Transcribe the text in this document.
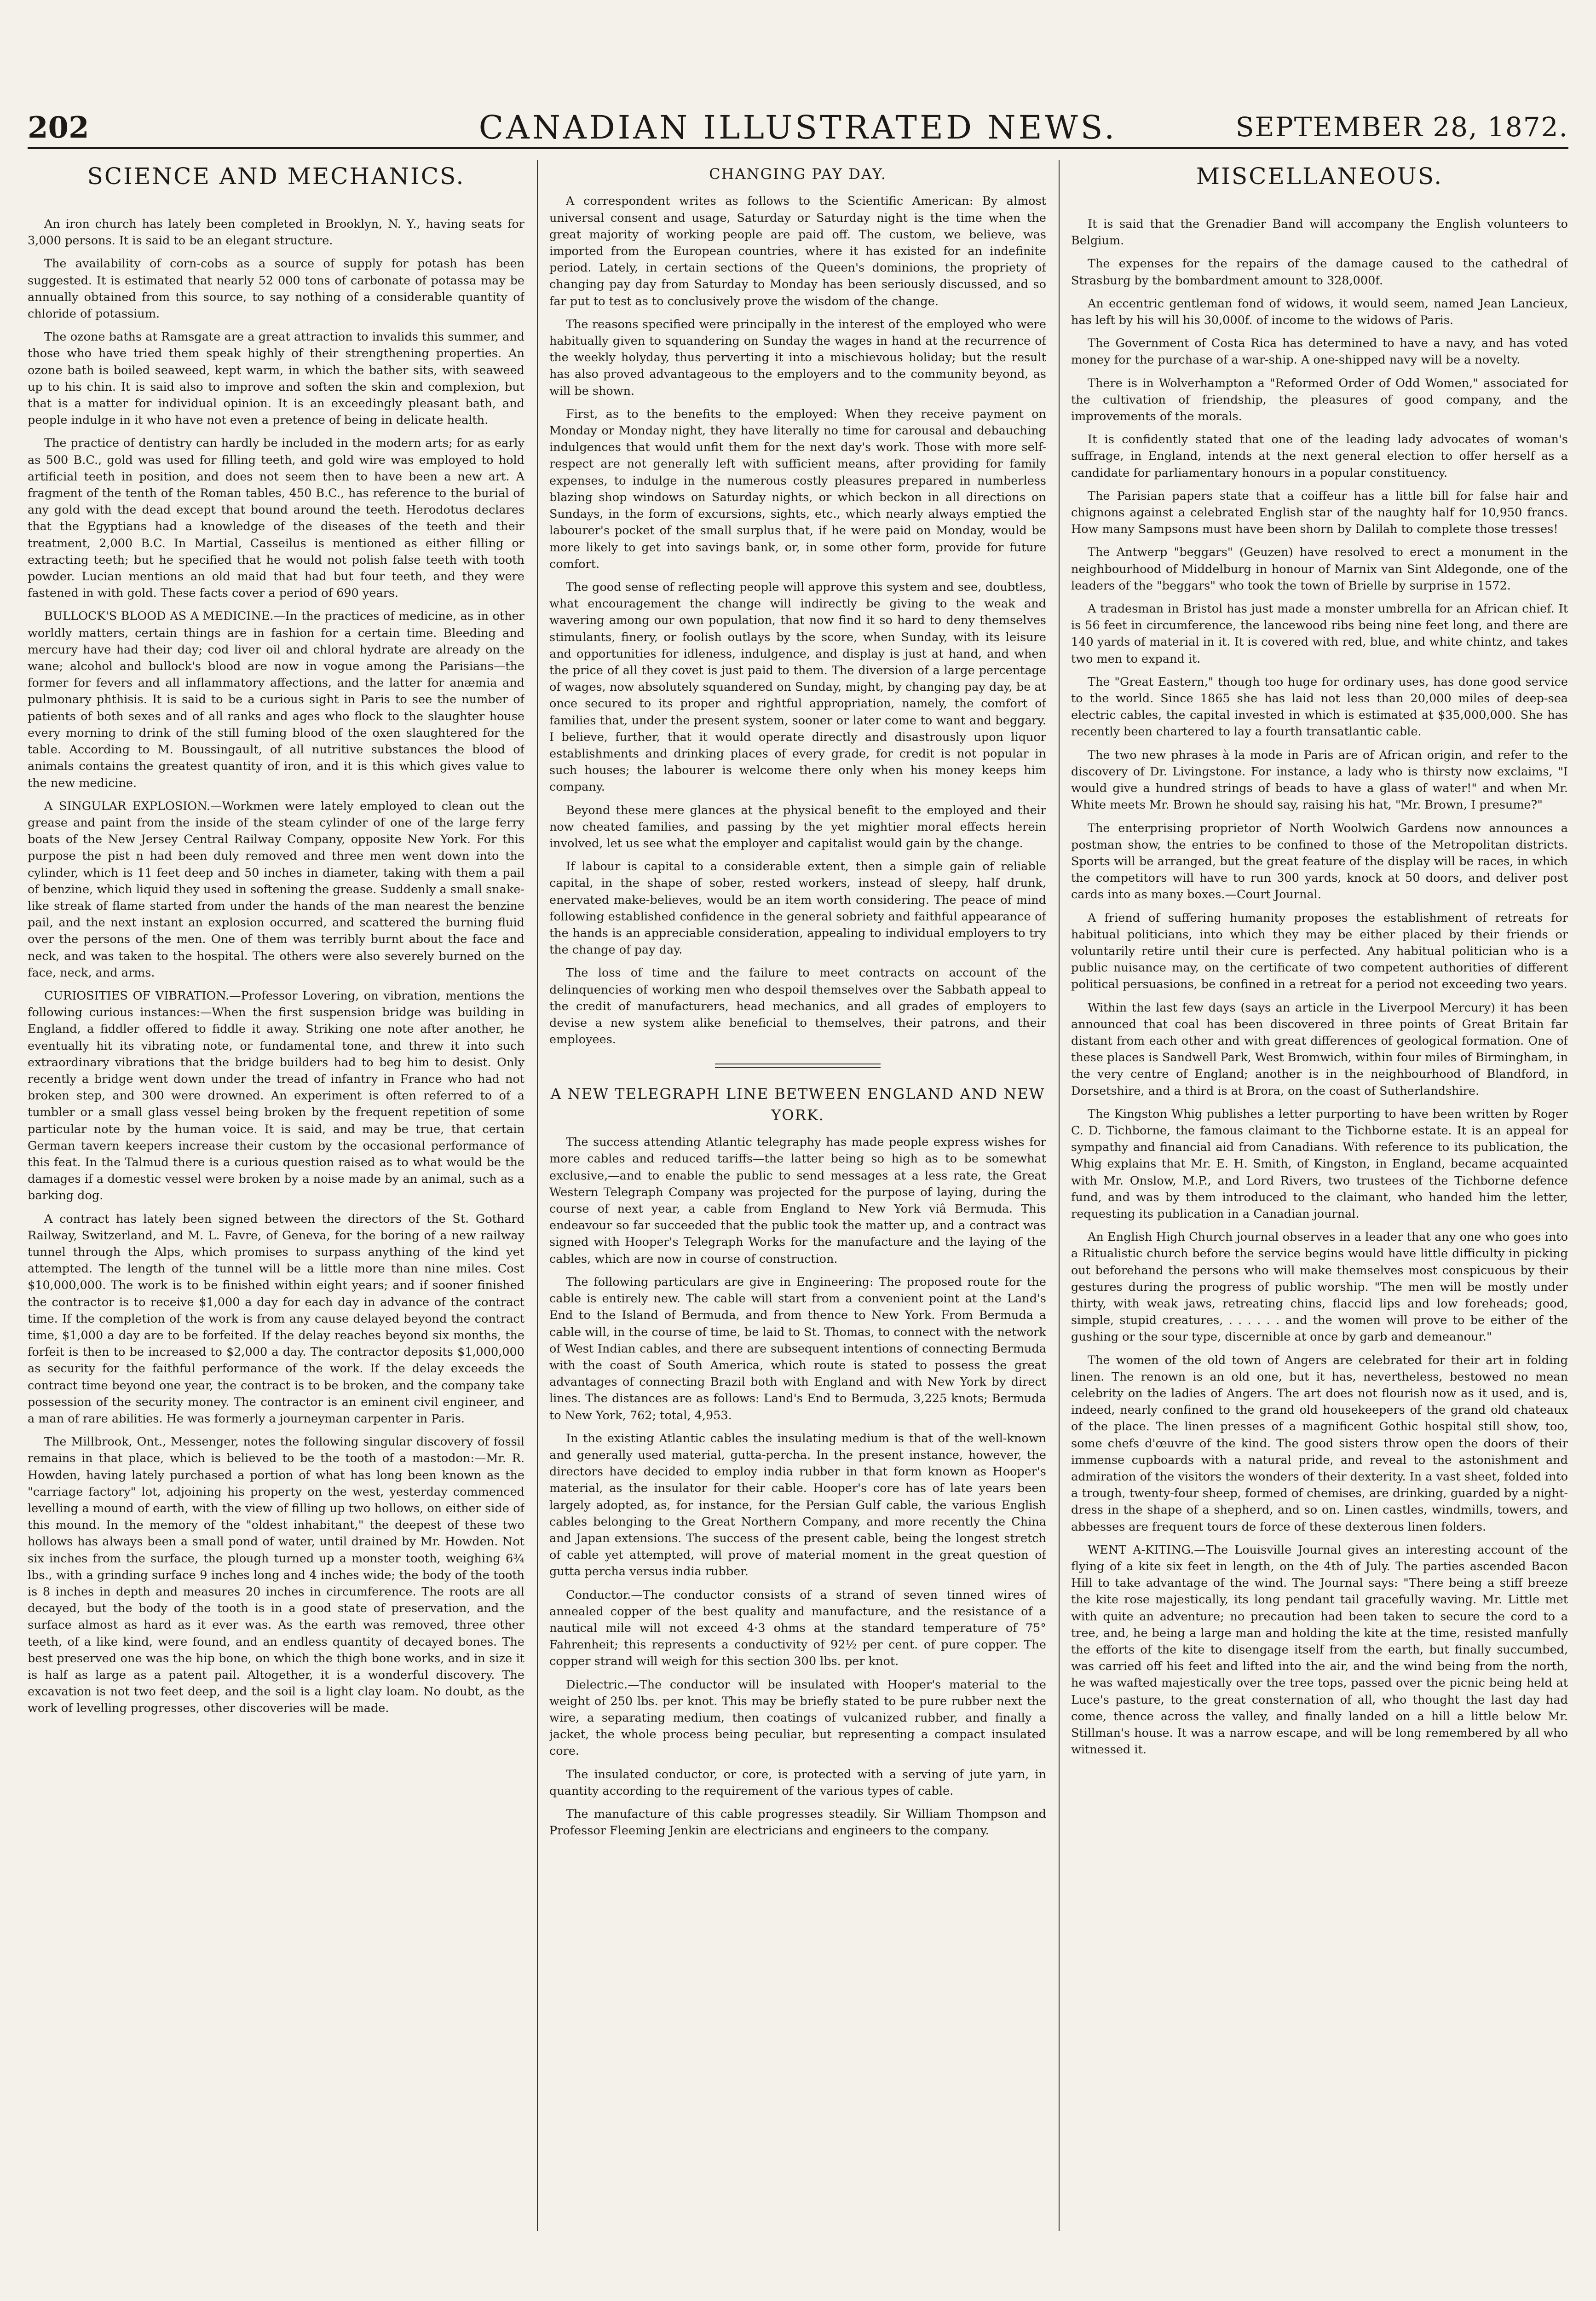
202	CANADIAN ILLUSTRATED NEWS.	SEPTEMBER 28, 1872.
SCIENCE AND MECHANICS.

An iron church has lately been completed in Brooklyn, N. Y., having seats for 3,000 persons. It is said to be an elegant structure.

The availability of corn-cobs as a source of supply for potash has been suggested. It is estimated that nearly 52 000 tons of carbonate of potassa may be annually obtained from this source, to say nothing of a considerable quantity of chloride of potassium.

The ozone baths at Ramsgate are a great attraction to invalids this summer, and those who have tried them speak highly of their strengthening properties. An ozone bath is boiled seaweed, kept warm, in which the bather sits, with seaweed up to his chin. It is said also to improve and soften the skin and complexion, but that is a matter for individual opinion. It is an exceedingly pleasant bath, and people indulge in it who have not even a pretence of being in delicate health.

The practice of dentistry can hardly be included in the modern arts; for as early as 500 B.C., gold was used for filling teeth, and gold wire was employed to hold artificial teeth in position, and does not seem then to have been a new art. A fragment of the tenth of the Roman tables, 450 B.C., has reference to the burial of any gold with the dead except that bound around the teeth. Herodotus declares that the Egyptians had a knowledge of the diseases of the teeth and their treatment, 2,000 B.C. In Martial, Casseilus is mentioned as either filling or extracting teeth; but he specified that he would not polish false teeth with tooth powder. Lucian mentions an old maid that had but four teeth, and they were fastened in with gold. These facts cover a period of 690 years.

BULLOCK'S BLOOD AS A MEDICINE.—In the practices of medicine, as in other worldly matters, certain things are in fashion for a certain time. Bleeding and mercury have had their day; cod liver oil and chloral hydrate are already on the wane; alcohol and bullock's blood are now in vogue among the Parisians—the former for fevers and all inflammatory affections, and the latter for anæmia and pulmonary phthisis. It is said to be a curious sight in Paris to see the number of patients of both sexes and of all ranks and ages who flock to the slaughter house every morning to drink of the still fuming blood of the oxen slaughtered for the table. According to M. Boussingault, of all nutritive substances the blood of animals contains the greatest quantity of iron, and it is this which gives value to the new medicine.

A SINGULAR EXPLOSION.—Workmen were lately employed to clean out the grease and paint from the inside of the steam cylinder of one of the large ferry boats of the New Jersey Central Railway Company, opposite New York. For this purpose the pist n had been duly removed and three men went down into the cylinder, which is 11 feet deep and 50 inches in diameter, taking with them a pail of benzine, which liquid they used in softening the grease. Suddenly a small snake-like streak of flame started from under the hands of the man nearest the benzine pail, and the next instant an explosion occurred, and scattered the burning fluid over the persons of the men. One of them was terribly burnt about the face and neck, and was taken to the hospital. The others were also severely burned on the face, neck, and arms.

CURIOSITIES OF VIBRATION.—Professor Lovering, on vibration, mentions the following curious instances:—When the first suspension bridge was building in England, a fiddler offered to fiddle it away. Striking one note after another, he eventually hit its vibrating note, or fundamental tone, and threw it into such extraordinary vibrations that the bridge builders had to beg him to desist. Only recently a bridge went down under the tread of infantry in France who had not broken step, and 300 were drowned. An experiment is often referred to of a tumbler or a small glass vessel being broken by the frequent repetition of some particular note by the human voice. It is said, and may be true, that certain German tavern keepers increase their custom by the occasional performance of this feat. In the Talmud there is a curious question raised as to what would be the damages if a domestic vessel were broken by a noise made by an animal, such as a barking dog.

A contract has lately been signed between the directors of the St. Gothard Railway, Switzerland, and M. L. Favre, of Geneva, for the boring of a new railway tunnel through the Alps, which promises to surpass anything of the kind yet attempted. The length of the tunnel will be a little more than nine miles. Cost $10,000,000. The work is to be finished within eight years; and if sooner finished the contractor is to receive $1,000 a day for each day in advance of the contract time. If the completion of the work is from any cause delayed beyond the contract time, $1,000 a day are to be forfeited. If the delay reaches beyond six months, the forfeit is then to be increased to $2,000 a day. The contractor deposits $1,000,000 as security for the faithful performance of the work. If the delay exceeds the contract time beyond one year, the contract is to be broken, and the company take possession of the security money. The contractor is an eminent civil engineer, and a man of rare abilities. He was formerly a journeyman carpenter in Paris.

The Millbrook, Ont., Messenger, notes the following singular discovery of fossil remains in that place, which is believed to be the tooth of a mastodon:—Mr. R. Howden, having lately purchased a portion of what has long been known as the "carriage factory" lot, adjoining his property on the west, yesterday commenced levelling a mound of earth, with the view of filling up two hollows, on either side of this mound. In the memory of the "oldest inhabitant," the deepest of these two hollows has always been a small pond of water, until drained by Mr. Howden. Not six inches from the surface, the plough turned up a monster tooth, weighing 6¾ lbs., with a grinding surface 9 inches long and 4 inches wide; the body of the tooth is 8 inches in depth and measures 20 inches in circumference. The roots are all decayed, but the body of the tooth is in a good state of preservation, and the surface almost as hard as it ever was. As the earth was removed, three other teeth, of a like kind, were found, and an endless quantity of decayed bones. The best preserved one was the hip bone, on which the thigh bone works, and in size it is half as large as a patent pail. Altogether, it is a wonderful discovery. The excavation is not two feet deep, and the soil is a light clay loam. No doubt, as the work of levelling progresses, other discoveries will be made.

CHANGING PAY DAY.

A correspondent writes as follows to the Scientific American: By almost universal consent and usage, Saturday or Saturday night is the time when the great majority of working people are paid off. The custom, we believe, was imported from the European countries, where it has existed for an indefinite period. Lately, in certain sections of the Queen's dominions, the propriety of changing pay day from Saturday to Monday has been seriously discussed, and so far put to test as to conclusively prove the wisdom of the change.

The reasons specified were principally in the interest of the employed who were habitually given to squandering on Sunday the wages in hand at the recurrence of the weekly holyday, thus perverting it into a mischievous holiday; but the result has also proved advantageous to the employers and to the community beyond, as will be shown.

First, as to the benefits to the employed: When they receive payment on Monday or Monday night, they have literally no time for carousal and debauching indulgences that would unfit them for the next day's work. Those with more self-respect are not generally left with sufficient means, after providing for family expenses, to indulge in the numerous costly pleasures prepared in numberless blazing shop windows on Saturday nights, or which beckon in all directions on Sundays, in the form of excursions, sights, etc., which nearly always emptied the labourer's pocket of the small surplus that, if he were paid on Monday, would be more likely to get into savings bank, or, in some other form, provide for future comfort.

The good sense of reflecting people will approve this system and see, doubtless, what encouragement the change will indirectly be giving to the weak and wavering among our own population, that now find it so hard to deny themselves stimulants, finery, or foolish outlays by the score, when Sunday, with its leisure and opportunities for idleness, indulgence, and display is just at hand, and when the price of all they covet is just paid to them. The diversion of a large percentage of wages, now absolutely squandered on Sunday, might, by changing pay day, be at once secured to its proper and rightful appropriation, namely, the comfort of families that, under the present system, sooner or later come to want and beggary. I believe, further, that it would operate directly and disastrously upon liquor establishments and drinking places of every grade, for credit is not popular in such houses; the labourer is welcome there only when his money keeps him company.

Beyond these mere glances at the physical benefit to the employed and their now cheated families, and passing by the yet mightier moral effects herein involved, let us see what the employer and capitalist would gain by the change.

If labour is capital to a considerable extent, then a simple gain of reliable capital, in the shape of sober, rested workers, instead of sleepy, half drunk, enervated make-believes, would be an item worth considering. The peace of mind following established confidence in the general sobriety and faithful appearance of the hands is an appreciable consideration, appealing to individual employers to try the change of pay day.

The loss of time and the failure to meet contracts on account of the delinquencies of working men who despoil themselves over the Sabbath appeal to the credit of manufacturers, head mechanics, and all grades of employers to devise a new system alike beneficial to themselves, their patrons, and their employees.

A NEW TELEGRAPH LINE BETWEEN ENGLAND AND NEW YORK.

The success attending Atlantic telegraphy has made people express wishes for more cables and reduced tariffs—the latter being so high as to be somewhat exclusive,—and to enable the public to send messages at a less rate, the Great Western Telegraph Company was projected for the purpose of laying, during the course of next year, a cable from England to New York viâ Bermuda. This endeavour so far succeeded that the public took the matter up, and a contract was signed with Hooper's Telegraph Works for the manufacture and the laying of the cables, which are now in course of construction.

The following particulars are give in Engineering: The proposed route for the cable is entirely new. The cable will start from a convenient point at the Land's End to the Island of Bermuda, and from thence to New York. From Bermuda a cable will, in the course of time, be laid to St. Thomas, to connect with the network of West Indian cables, and there are subsequent intentions of connecting Bermuda with the coast of South America, which route is stated to possess the great advantages of connecting Brazil both with England and with New York by direct lines. The distances are as follows: Land's End to Bermuda, 3,225 knots; Bermuda to New York, 762; total, 4,953.

In the existing Atlantic cables the insulating medium is that of the well-known and generally used material, gutta-percha. In the present instance, however, the directors have decided to employ india rubber in that form known as Hooper's material, as the insulator for their cable. Hooper's core has of late years been largely adopted, as, for instance, for the Persian Gulf cable, the various English cables belonging to the Great Northern Company, and more recently the China and Japan extensions. The success of the present cable, being the longest stretch of cable yet attempted, will prove of material moment in the great question of gutta percha versus india rubber.

Conductor.—The conductor consists of a strand of seven tinned wires of annealed copper of the best quality and manufacture, and the resistance of a nautical mile will not exceed 4·3 ohms at the standard temperature of 75° Fahrenheit; this represents a conductivity of 92½ per cent. of pure copper. The copper strand will weigh for this section 300 lbs. per knot.

Dielectric.—The conductor will be insulated with Hooper's material to the weight of 250 lbs. per knot. This may be briefly stated to be pure rubber next the wire, a separating medium, then coatings of vulcanized rubber, and finally a jacket, the whole process being peculiar, but representing a compact insulated core.

The insulated conductor, or core, is protected with a serving of jute yarn, in quantity according to the requirement of the various types of cable.

The manufacture of this cable progresses steadily. Sir William Thompson and Professor Fleeming Jenkin are electricians and engineers to the company.

MISCELLANEOUS.

It is said that the Grenadier Band will accompany the English volunteers to Belgium.

The expenses for the repairs of the damage caused to the cathedral of Strasburg by the bombardment amount to 328,000f.

An eccentric gentleman fond of widows, it would seem, named Jean Lancieux, has left by his will his 30,000f. of income to the widows of Paris.

The Government of Costa Rica has determined to have a navy, and has voted money for the purchase of a war-ship. A one-shipped navy will be a novelty.

There is in Wolverhampton a "Reformed Order of Odd Women," associated for the cultivation of friendship, the pleasures of good company, and the improvements of the morals.

It is confidently stated that one of the leading lady advocates of woman's suffrage, in England, intends at the next general election to offer herself as a candidate for parliamentary honours in a popular constituency.

The Parisian papers state that a coiffeur has a little bill for false hair and chignons against a celebrated English star of the naughty half for 10,950 francs. How many Sampsons must have been shorn by Dalilah to complete those tresses!

The Antwerp "beggars" (Geuzen) have resolved to erect a monument in the neighbourhood of Middelburg in honour of Marnix van Sint Aldegonde, one of the leaders of the "beggars" who took the town of Brielle by surprise in 1572.

A tradesman in Bristol has just made a monster umbrella for an African chief. It is 56 feet in circumference, the lancewood ribs being nine feet long, and there are 140 yards of material in it. It is covered with red, blue, and white chintz, and takes two men to expand it.

The "Great Eastern," though too huge for ordinary uses, has done good service to the world. Since 1865 she has laid not less than 20,000 miles of deep-sea electric cables, the capital invested in which is estimated at $35,000,000. She has recently been chartered to lay a fourth transatlantic cable.

The two new phrases à la mode in Paris are of African origin, and refer to the discovery of Dr. Livingstone. For instance, a lady who is thirsty now exclaims, "I would give a hundred strings of beads to have a glass of water!" and when Mr. White meets Mr. Brown he should say, raising his hat, "Mr. Brown, I presume?"

The enterprising proprietor of North Woolwich Gardens now announces a postman show, the entries to be confined to those of the Metropolitan districts. Sports will be arranged, but the great feature of the display will be races, in which the competitors will have to run 300 yards, knock at 50 doors, and deliver post cards into as many boxes.—Court Journal.

A friend of suffering humanity proposes the establishment of retreats for habitual politicians, into which they may be either placed by their friends or voluntarily retire until their cure is perfected. Any habitual politician who is a public nuisance may, on the certificate of two competent authorities of different political persuasions, be confined in a retreat for a period not exceeding two years.

Within the last few days (says an article in the Liverpool Mercury) it has been announced that coal has been discovered in three points of Great Britain far distant from each other and with great differences of geological formation. One of these places is Sandwell Park, West Bromwich, within four miles of Birmingham, in the very centre of England; another is in the neighbourhood of Blandford, in Dorsetshire, and a third is at Brora, on the coast of Sutherlandshire.

The Kingston Whig publishes a letter purporting to have been written by Roger C. D. Tichborne, the famous claimant to the Tichborne estate. It is an appeal for sympathy and financial aid from Canadians. With reference to its publication, the Whig explains that Mr. E. H. Smith, of Kingston, in England, became acquainted with Mr. Onslow, M.P., and Lord Rivers, two trustees of the Tichborne defence fund, and was by them introduced to the claimant, who handed him the letter, requesting its publication in a Canadian journal.

An English High Church journal observes in a leader that any one who goes into a Ritualistic church before the service begins would have little difficulty in picking out beforehand the persons who will make themselves most conspicuous by their gestures during the progress of public worship. "The men will be mostly under thirty, with weak jaws, retreating chins, flaccid lips and low foreheads; good, simple, stupid creatures, . . . . . . and the women will prove to be either of the gushing or the sour type, discernible at once by garb and demeanour."

The women of the old town of Angers are celebrated for their art in folding linen. The renown is an old one, but it has, nevertheless, bestowed no mean celebrity on the ladies of Angers. The art does not flourish now as it used, and is, indeed, nearly confined to the grand old housekeepers of the grand old chateaux of the place. The linen presses of a magnificent Gothic hospital still show, too, some chefs d'œuvre of the kind. The good sisters throw open the doors of their immense cupboards with a natural pride, and reveal to the astonishment and admiration of the visitors the wonders of their dexterity. In a vast sheet, folded into a trough, twenty-four sheep, formed of chemises, are drinking, guarded by a night-dress in the shape of a shepherd, and so on. Linen castles, windmills, towers, and abbesses are frequent tours de force of these dexterous linen folders.

WENT A-KITING.—The Louisville Journal gives an interesting account of the flying of a kite six feet in length, on the 4th of July. The parties ascended Bacon Hill to take advantage of the wind. The Journal says: "There being a stiff breeze the kite rose majestically, its long pendant tail gracefully waving. Mr. Little met with quite an adventure; no precaution had been taken to secure the cord to a tree, and, he being a large man and holding the kite at the time, resisted manfully the efforts of the kite to disengage itself from the earth, but finally succumbed, was carried off his feet and lifted into the air, and the wind being from the north, he was wafted majestically over the tree tops, passed over the picnic being held at Luce's pasture, to the great consternation of all, who thought the last day had come, thence across the valley, and finally landed on a hill a little below Mr. Stillman's house. It was a narrow escape, and will be long remembered by all who witnessed it.
